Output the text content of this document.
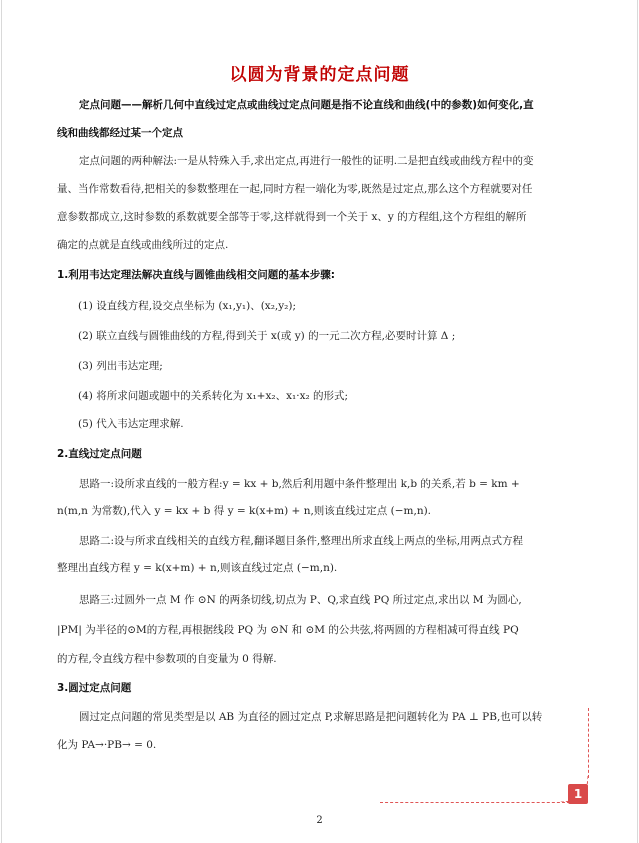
以圆为背景的定点问题
定点问题——解析几何中直线过定点或曲线过定点问题是指不论直线和曲线(中的参数)如何变化,直
线和曲线都经过某一个定点
定点问题的两种解法:一是从特殊入手,求出定点,再进行一般性的证明.二是把直线或曲线方程中的变
量、当作常数看待,把相关的参数整理在一起,同时方程一端化为零,既然是过定点,那么这个方程就要对任
意参数都成立,这时参数的系数就要全部等于零,这样就得到一个关于 x、y 的方程组,这个方程组的解所
确定的点就是直线或曲线所过的定点.
1.利用韦达定理法解决直线与圆锥曲线相交问题的基本步骤:
(1) 设直线方程,设交点坐标为 (x₁,y₁)、(x₂,y₂);
(2) 联立直线与圆锥曲线的方程,得到关于 x(或 y) 的一元二次方程,必要时计算 Δ ;
(3) 列出韦达定理;
(4) 将所求问题或题中的关系转化为 x₁+x₂、x₁·x₂ 的形式;
(5) 代入韦达定理求解.
2.直线过定点问题
思路一:设所求直线的一般方程:y = kx + b,然后利用题中条件整理出 k,b 的关系,若 b = km +
n(m,n 为常数),代入 y = kx + b 得 y = k(x+m) + n,则该直线过定点 (−m,n).
思路二:设与所求直线相关的直线方程,翻译题目条件,整理出所求直线上两点的坐标,用两点式方程
整理出直线方程 y = k(x+m) + n,则该直线过定点 (−m,n).
思路三:过圆外一点 M 作 ⊙N 的两条切线,切点为 P、Q,求直线 PQ 所过定点,求出以 M 为圆心,
|PM| 为半径的⊙M的方程,再根据线段 PQ 为 ⊙N 和 ⊙M 的公共弦,将两圆的方程相减可得直线 PQ
的方程,令直线方程中参数项的自变量为 0 得解.
3.圆过定点问题
圆过定点问题的常见类型是以 AB 为直径的圆过定点 P,求解思路是把问题转化为 PA ⊥ PB,也可以转
化为 PA→·PB→ = 0.
1
2
